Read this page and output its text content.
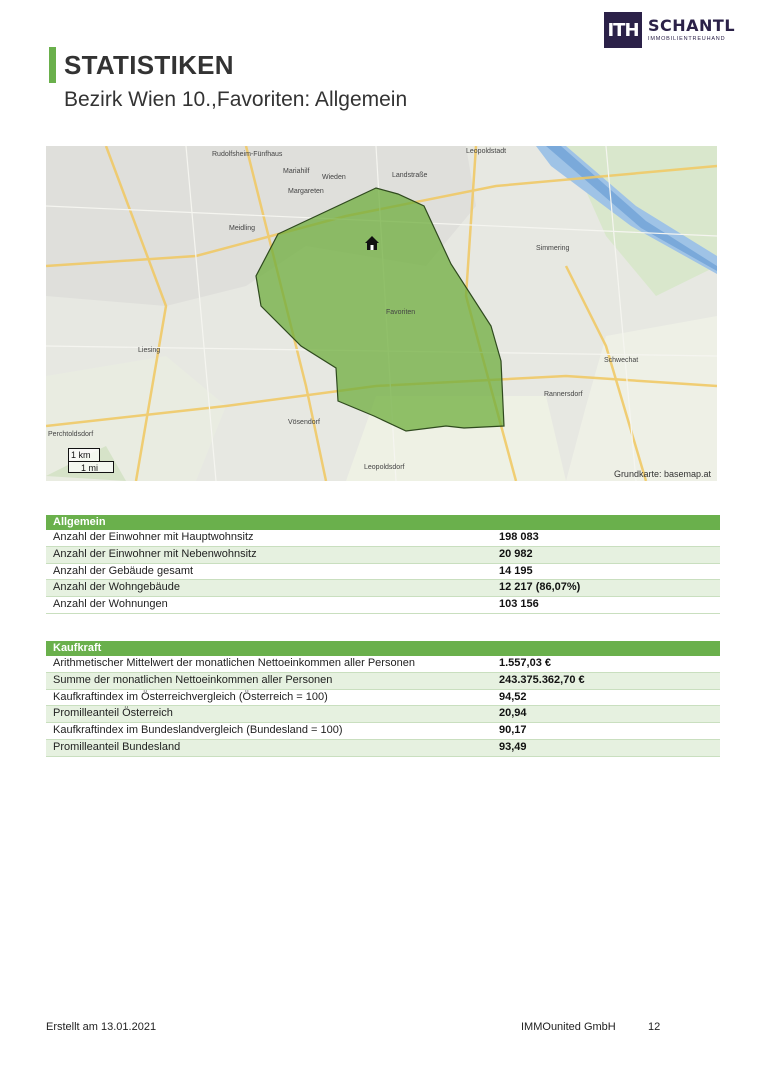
ITH SCHANTL
IMMOBILIENTREUHAND
STATISTIKEN
Bezirk Wien 10.,Favoriten: Allgemein
Leopoldstadt
Rudolfsheim-Fünfhaus
Mariahilf
Wieden	Landstraße
Margareten
Meidling
Simmering
Favoriten
Liesing
Schwechat
Rannersdorf
Vösendorf
Perchtoldsdorf
Leopoldsdorf
1 km
1 mi
Grundkarte: basemap.at
Allgemein
Anzahl der Einwohner mit Hauptwohnsitz	198 083
Anzahl der Einwohner mit Nebenwohnsitz	20 982
Anzahl der Gebäude gesamt	14 195
Anzahl der Wohngebäude	12 217 (86,07%)
Anzahl der Wohnungen	103 156
Kaufkraft
Arithmetischer Mittelwert der monatlichen Nettoeinkommen aller Personen	1.557,03 €
Summe der monatlichen Nettoeinkommen aller Personen	243.375.362,70 €
Kaufkraftindex im Österreichvergleich (Österreich = 100)	94,52
Promilleanteil Österreich	20,94
Kaufkraftindex im Bundeslandvergleich (Bundesland = 100)	90,17
Promilleanteil Bundesland	93,49
Erstellt am 13.01.2021	IMMOunited GmbH	12
